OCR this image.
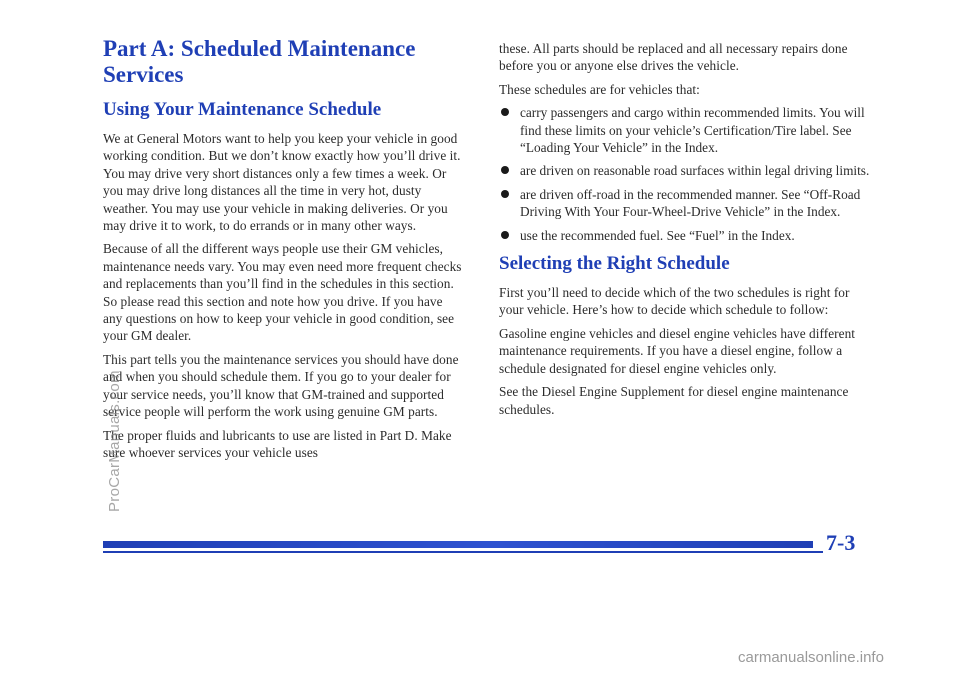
Part A: Scheduled Maintenance Services
Using Your Maintenance Schedule

We at General Motors want to help you keep your vehicle in good working condition. But we don’t know exactly how you’ll drive it. You may drive very short distances only a few times a week. Or you may drive long distances all the time in very hot, dusty weather. You may use your vehicle in making deliveries. Or you may drive it to work, to do errands or in many other ways.

Because of all the different ways people use their GM vehicles, maintenance needs vary. You may even need more frequent checks and replacements than you’ll find in the schedules in this section. So please read this section and note how you drive. If you have any questions on how to keep your vehicle in good condition, see your GM dealer.

This part tells you the maintenance services you should have done and when you should schedule them. If you go to your dealer for your service needs, you’ll know that GM-trained and supported service people will perform the work using genuine GM parts.

The proper fluids and lubricants to use are listed in Part D. Make sure whoever services your vehicle uses

these. All parts should be replaced and all necessary repairs done before you or anyone else drives the vehicle.

These schedules are for vehicles that:

carry passengers and cargo within recommended limits. You will find these limits on your vehicle’s Certification/Tire label. See “Loading Your Vehicle” in the Index.
are driven on reasonable road surfaces within legal driving limits.
are driven off-road in the recommended manner. See “Off-Road Driving With Your Four-Wheel-Drive Vehicle” in the Index.
use the recommended fuel. See “Fuel” in the Index.
Selecting the Right Schedule

First you’ll need to decide which of the two schedules is right for your vehicle. Here’s how to decide which schedule to follow:

Gasoline engine vehicles and diesel engine vehicles have different maintenance requirements. If you have a diesel engine, follow a schedule designated for diesel engine vehicles only.

See the Diesel Engine Supplement for diesel engine maintenance schedules.

7-3
ProCarManuals.com
carmanualsonline.info
